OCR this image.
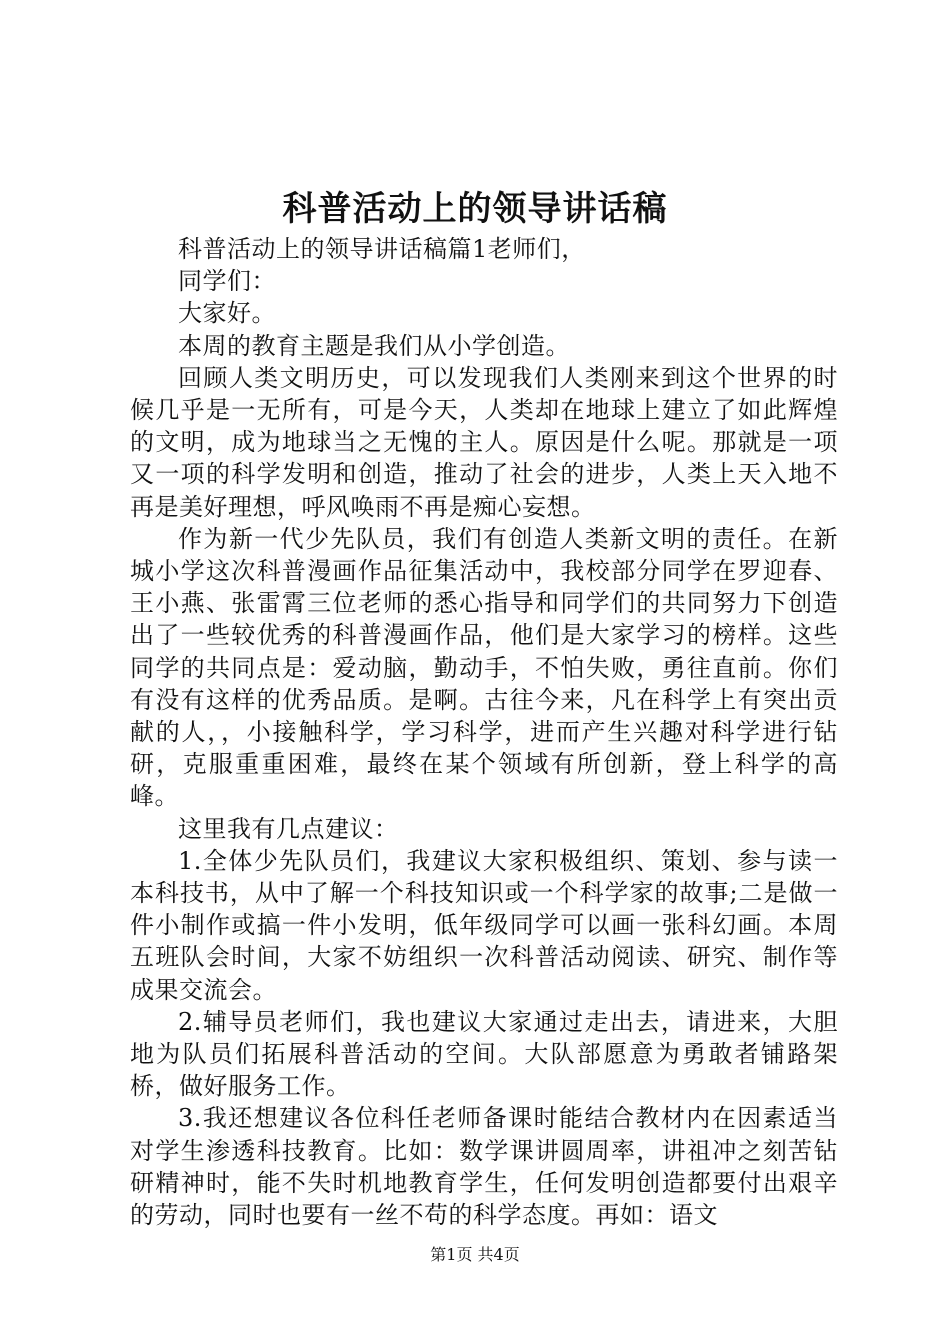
科普活动上的领导讲话稿

科普活动上的领导讲话稿篇1老师们，

同学们：

大家好。

本周的教育主题是我们从小学创造。

回顾人类文明历史，可以发现我们人类刚来到这个世界的时候几乎是一无所有，可是今天，人类却在地球上建立了如此辉煌的文明，成为地球当之无愧的主人。原因是什么呢。那就是一项又一项的科学发明和创造，推动了社会的进步，人类上天入地不再是美好理想，呼风唤雨不再是痴心妄想。

作为新一代少先队员，我们有创造人类新文明的责任。在新城小学这次科普漫画作品征集活动中，我校部分同学在罗迎春、王小燕、张雷霄三位老师的悉心指导和同学们的共同努力下创造出了一些较优秀的科普漫画作品，他们是大家学习的榜样。这些同学的共同点是：爱动脑，勤动手，不怕失败，勇往直前。你们有没有这样的优秀品质。是啊。古往今来，凡在科学上有突出贡献的人，，小接触科学，学习科学，进而产生兴趣对科学进行钻研，克服重重困难，最终在某个领域有所创新，登上科学的高峰。

这里我有几点建议：

1.全体少先队员们，我建议大家积极组织、策划、参与读一本科技书，从中了解一个科技知识或一个科学家的故事;二是做一件小制作或搞一件小发明，低年级同学可以画一张科幻画。本周五班队会时间，大家不妨组织一次科普活动阅读、研究、制作等成果交流会。

2.辅导员老师们，我也建议大家通过走出去，请进来，大胆地为队员们拓展科普活动的空间。大队部愿意为勇敢者铺路架桥，做好服务工作。

3.我还想建议各位科任老师备课时能结合教材内在因素适当对学生渗透科技教育。比如：数学课讲圆周率，讲祖冲之刻苦钻研精神时，能不失时机地教育学生，任何发明创造都要付出艰辛的劳动，同时也要有一丝不苟的科学态度。再如：语文

第1页 共4页
